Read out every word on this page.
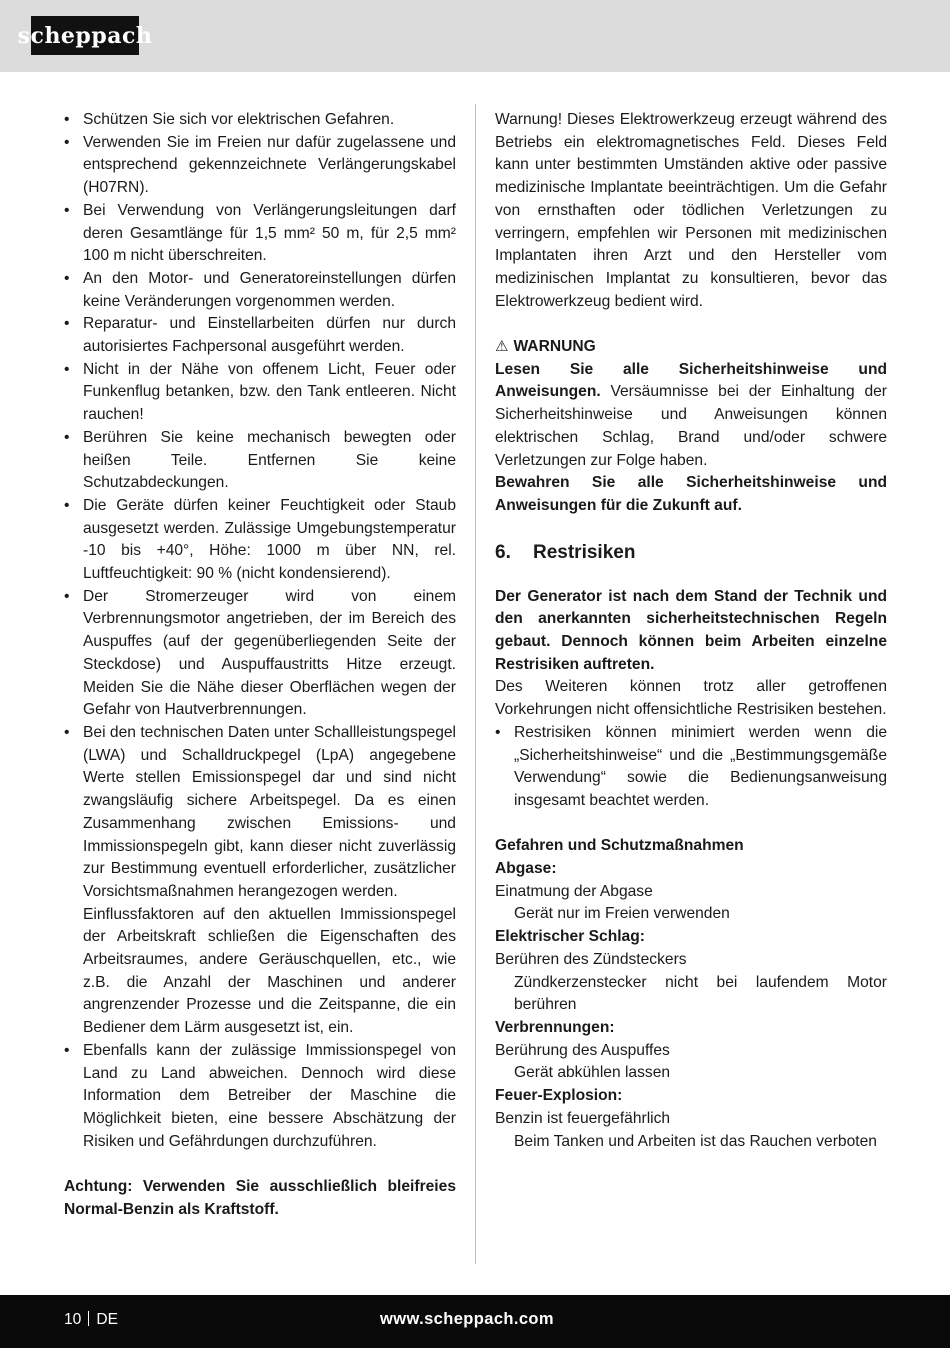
scheppach
• Schützen Sie sich vor elektrischen Gefahren.
• Verwenden Sie im Freien nur dafür zugelassene und entsprechend gekennzeichnete Verlängerungskabel (H07RN).
• Bei Verwendung von Verlängerungsleitungen darf deren Gesamtlänge für 1,5 mm² 50 m, für 2,5 mm² 100 m nicht überschreiten.
• An den Motor- und Generatoreinstellungen dürfen keine Veränderungen vorgenommen werden.
• Reparatur- und Einstellarbeiten dürfen nur durch autorisiertes Fachpersonal ausgeführt werden.
• Nicht in der Nähe von offenem Licht, Feuer oder Funkenflug betanken, bzw. den Tank entleeren. Nicht rauchen!
• Berühren Sie keine mechanisch bewegten oder heißen Teile. Entfernen Sie keine Schutzabdeckungen.
• Die Geräte dürfen keiner Feuchtigkeit oder Staub ausgesetzt werden. Zulässige Umgebungstemperatur -10 bis +40°, Höhe: 1000 m über NN, rel. Luftfeuchtigkeit: 90 % (nicht kondensierend).
• Der Stromerzeuger wird von einem Verbrennungsmotor angetrieben, der im Bereich des Auspuffes (auf der gegenüberliegenden Seite der Steckdose) und Auspuffaustritts Hitze erzeugt. Meiden Sie die Nähe dieser Oberflächen wegen der Gefahr von Hautverbrennungen.
• Bei den technischen Daten unter Schallleistungspegel (LWA) und Schalldruckpegel (LpA) angegebene Werte stellen Emissionspegel dar und sind nicht zwangsläufig sichere Arbeitspegel. Da es einen Zusammenhang zwischen Emissions- und Immissionspegeln gibt, kann dieser nicht zuverlässig zur Bestimmung eventuell erforderlicher, zusätzlicher Vorsichtsmaßnahmen herangezogen werden.
Einflussfaktoren auf den aktuellen Immissionspegel der Arbeitskraft schließen die Eigenschaften des Arbeitsraumes, andere Geräuschquellen, etc., wie z.B. die Anzahl der Maschinen und anderer angrenzender Prozesse und die Zeitspanne, die ein Bediener dem Lärm ausgesetzt ist, ein.
• Ebenfalls kann der zulässige Immissionspegel von Land zu Land abweichen. Dennoch wird diese Information dem Betreiber der Maschine die Möglichkeit bieten, eine bessere Abschätzung der Risiken und Gefährdungen durchzuführen.

Achtung: Verwenden Sie ausschließlich bleifreies Normal-Benzin als Kraftstoff.

Warnung! Dieses Elektrowerkzeug erzeugt während des Betriebs ein elektromagnetisches Feld. Dieses Feld kann unter bestimmten Umständen aktive oder passive medizinische Implantate beeinträchtigen. Um die Gefahr von ernsthaften oder tödlichen Verletzungen zu verringern, empfehlen wir Personen mit medizinischen Implantaten ihren Arzt und den Hersteller vom medizinischen Implantat zu konsultieren, bevor das Elektrowerkzeug bedient wird.

⚠ WARNUNG

Lesen Sie alle Sicherheitshinweise und Anweisungen. Versäumnisse bei der Einhaltung der Sicherheitshinweise und Anweisungen können elektrischen Schlag, Brand und/oder schwere Verletzungen zur Folge haben.

Bewahren Sie alle Sicherheitshinweise und Anweisungen für die Zukunft auf.

6.	Restrisiken

Der Generator ist nach dem Stand der Technik und den anerkannten sicherheitstechnischen Regeln gebaut. Dennoch können beim Arbeiten einzelne Restrisiken auftreten.

Des Weiteren können trotz aller getroffenen Vorkehrungen nicht offensichtliche Restrisiken bestehen.

• Restrisiken können minimiert werden wenn die „Sicherheitshinweise“ und die „Bestimmungsgemäße Verwendung“ sowie die Bedienungsanweisung insgesamt beachtet werden.
Gefahren und Schutzmaßnahmen
Abgase:
Einatmung der Abgase
Gerät nur im Freien verwenden
Elektrischer Schlag:
Berühren des Zündsteckers
Zündkerzenstecker nicht bei laufendem Motor berühren
Verbrennungen:
Berührung des Auspuffes
Gerät abkühlen lassen
Feuer-Explosion:
Benzin ist feuergefährlich
Beim Tanken und Arbeiten ist das Rauchen verboten
10 DE	www.scheppach.com
